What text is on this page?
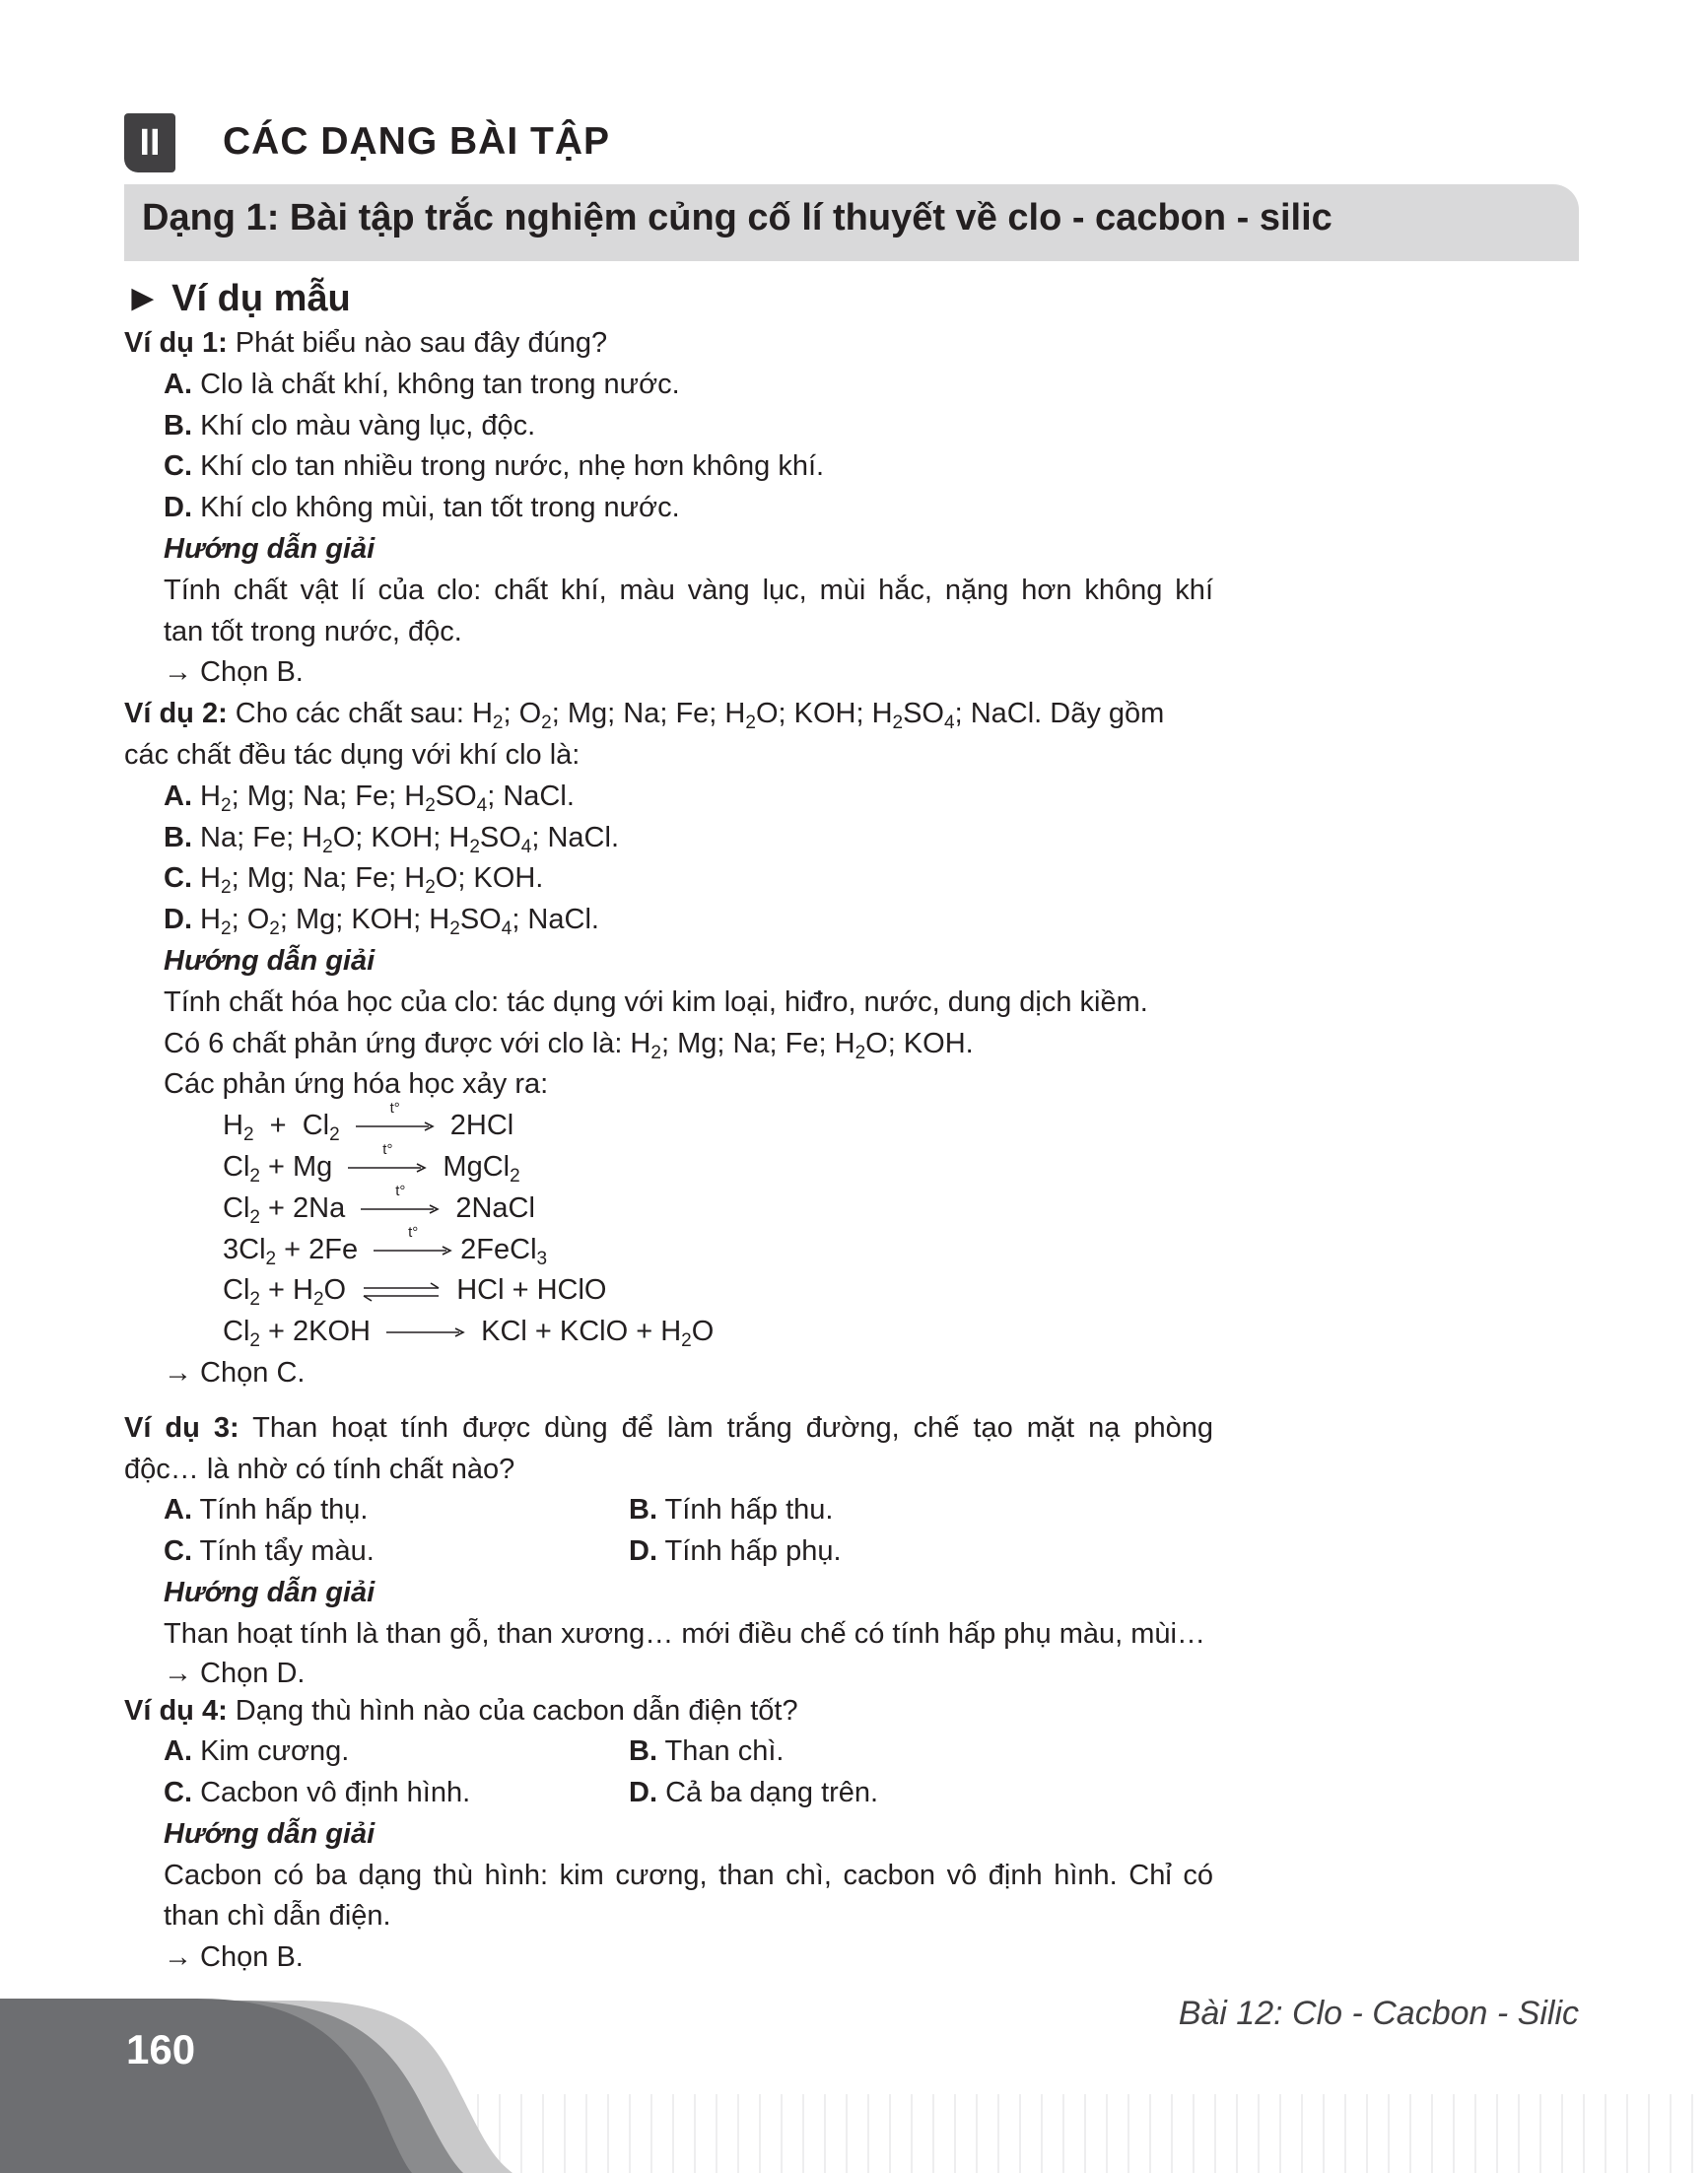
II	CÁC DẠNG BÀI TẬP
Dạng 1: Bài tập trắc nghiệm củng cố lí thuyết về clo - cacbon - silic
► Ví dụ mẫu
Ví dụ 1: Phát biểu nào sau đây đúng?
A. Clo là chất khí, không tan trong nước.
B. Khí clo màu vàng lục, độc.
C. Khí clo tan nhiều trong nước, nhẹ hơn không khí.
D. Khí clo không mùi, tan tốt trong nước.
Hướng dẫn giải
Tính chất vật lí của clo: chất khí, màu vàng lục, mùi hắc, nặng hơn không khí
tan tốt trong nước, độc.
→ Chọn B.
Ví dụ 2: Cho các chất sau: $H_2$; $O_2$; Mg; Na; Fe; $H_2O$; KOH; $H_2SO_4$; NaCl. Dãy gồm
các chất đều tác dụng với khí clo là:
A. $H_2$; Mg; Na; Fe; $H_2SO_4$; NaCl.
B. Na; Fe; $H_2O$; KOH; $H_2SO_4$; NaCl.
C. $H_2$; Mg; Na; Fe; $H_2O$; KOH.
D. $H_2$; $O_2$; Mg; KOH; $H_2SO_4$; NaCl.
Hướng dẫn giải
Tính chất hóa học của clo: tác dụng với kim loại, hiđro, nước, dung dịch kiềm.
Có 6 chất phản ứng được với clo là: $H_2$; Mg; Na; Fe; $H_2O$; KOH.
Các phản ứng hóa học xảy ra:
$H_2 + Cl_2$
t°
2HCl
$Cl_2 + Mg$
t°
MgCl$_2$
$Cl_2 + 2Na$
t°
2NaCl
$3Cl_2 + 2Fe$
t°
2FeCl$_3$
$Cl_2 + H_2O$ ⇌ HCl + HClO
$Cl_2 + 2KOH$ → KCl + KClO + $H_2O$
→ Chọn C.
Ví dụ 3: Than hoạt tính được dùng để làm trắng đường, chế tạo mặt nạ phòng
độc… là nhờ có tính chất nào?
A. Tính hấp thụ.	B. Tính hấp thu.
C. Tính tẩy màu.	D. Tính hấp phụ.
Hướng dẫn giải
Than hoạt tính là than gỗ, than xương… mới điều chế có tính hấp phụ màu, mùi…
→ Chọn D.
Ví dụ 4: Dạng thù hình nào của cacbon dẫn điện tốt?
A. Kim cương.	B. Than chì.
C. Cacbon vô định hình.	D. Cả ba dạng trên.
Hướng dẫn giải
Cacbon có ba dạng thù hình: kim cương, than chì, cacbon vô định hình. Chỉ có
than chì dẫn điện.
→ Chọn B.
160
Bài 12: Clo - Cacbon - Silic
